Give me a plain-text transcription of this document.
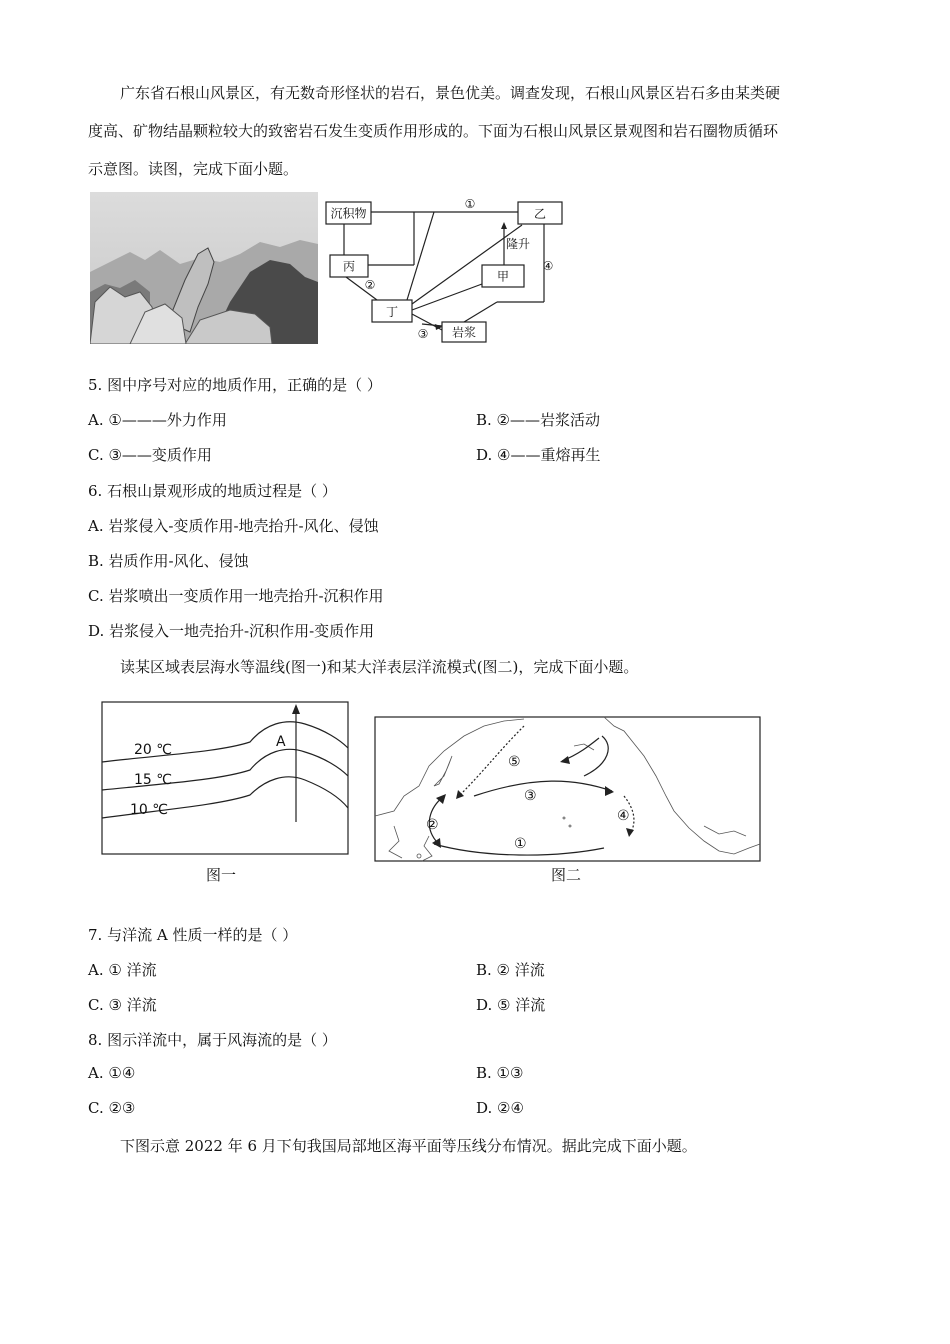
广东省石根山风景区，有无数奇形怪状的岩石，景色优美。调查发现，石根山风景区岩石多由某类硬
度高、矿物结晶颗粒较大的致密岩石发生变质作用形成的。下面为石根山风景区景观图和岩石圈物质循环
示意图。读图，完成下面小题。
沉积物	乙
丙
甲
丁
岩浆
隆升
①
②
③
④
5. 图中序号对应的地质作用，正确的是（ ）
A. ①———外力作用	B. ②——岩浆活动
C. ③——变质作用	D. ④——重熔再生
6. 石根山景观形成的地质过程是（ ）
A. 岩浆侵入-变质作用-地壳抬升-风化、侵蚀
B. 岩质作用-风化、侵蚀
C. 岩浆喷出一变质作用一地壳抬升-沉积作用
D. 岩浆侵入一地壳抬升-沉积作用-变质作用
读某区域表层海水等温线(图一)和某大洋表层洋流模式(图二)，完成下面小题。
20 ℃
15 ℃
10 ℃
A
图一
①
②
③
④
⑤
图二
7. 与洋流 A 性质一样的是（ ）
A. ① 洋流	B. ② 洋流
C. ③ 洋流	D. ⑤ 洋流
8. 图示洋流中，属于风海流的是（ ）
A. ①④	B. ①③
C. ②③	D. ②④
下图示意 2022 年 6 月下旬我国局部地区海平面等压线分布情况。据此完成下面小题。
